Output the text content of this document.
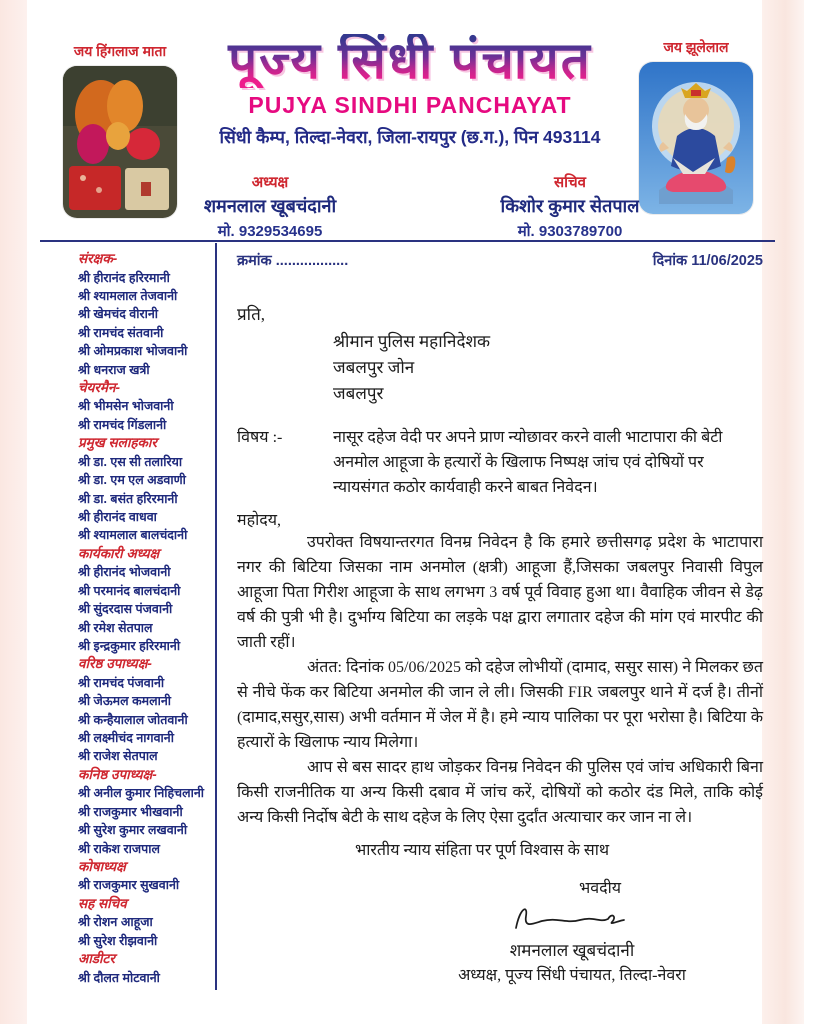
जय हिंगलाज माता	पूज्य सिंधी पंचायत
PUJYA SINDHI PANCHAYAT
सिंधी कैम्प, तिल्दा-नेवरा, जिला-रायपुर (छ.ग.), पिन 493114
अध्यक्ष
शमनलाल खूबचंदानी
मो. 9329534695
सचिव
किशोर कुमार सेतपाल
मो. 9303789700
जय झूलेलाल
संरक्षक-
श्री हीरानंद हरिरमानी
श्री श्यामलाल तेजवानी
श्री खेमचंद वीरानी
श्री रामचंद संतवानी
श्री ओमप्रकाश भोजवानी
श्री धनराज खत्री
चेयरमैन-
श्री भीमसेन भोजवानी
श्री रामचंद गिंडलानी
प्रमुख सलाहकार
श्री डा. एस सी तलारिया
श्री डा. एम एल अडवाणी
श्री डा. बसंत हरिरमानी
श्री हीरानंद वाधवा
श्री श्यामलाल बालचंदानी
कार्यकारी अध्यक्ष
श्री हीरानंद भोजवानी
श्री परमानंद बालचंदानी
श्री सुंदरदास पंजवानी
श्री रमेश सेतपाल
श्री इन्द्रकुमार हरिरमानी
वरिष्ठ उपाध्यक्ष-
श्री रामचंद पंजवानी
श्री जेऊमल कमलानी
श्री कन्हैयालाल जोतवानी
श्री लक्ष्मीचंद नागवानी
श्री राजेश सेतपाल
कनिष्ठ उपाध्यक्ष-
श्री अनील कुमार निहिचलानी
श्री राजकुमार भीखवानी
श्री सुरेश कुमार लखवानी
श्री राकेश राजपाल
कोषाध्यक्ष
श्री राजकुमार सुखवानी
सह सचिव
श्री रोशन आहूजा
श्री सुरेश रीझवानी
आडीटर
श्री दौलत मोटवानी
क्रमांक ..................	दिनांक 11/06/2025
प्रति,
श्रीमान पुलिस महानिदेशक
जबलपुर जोन
जबलपुर
विषय :-	नासूर दहेज वेदी पर अपने प्राण न्योछावर करने वाली भाटापारा की बेटी अनमोल आहूजा के हत्यारों के खिलाफ निष्पक्ष जांच एवं दोषियों पर न्यायसंगत कठोर कार्यवाही करने बाबत निवेदन।
महोदय,
उपरोक्त विषयान्तरगत विनम्र निवेदन है कि हमारे छत्तीसगढ़ प्रदेश के भाटापारा नगर की बिटिया जिसका नाम अनमोल (क्षत्री) आहूजा हैं,जिसका जबलपुर निवासी विपुल आहूजा पिता गिरीश आहूजा के साथ लगभग 3 वर्ष पूर्व विवाह हुआ था। वैवाहिक जीवन से डेढ़ वर्ष की पुत्री भी है। दुर्भाग्य बिटिया का लड़के पक्ष द्वारा लगातार दहेज की मांग एवं मारपीट की जाती रहीं।
अंतत: दिनांक 05/06/2025 को दहेज लोभीयों (दामाद, ससुर सास) ने मिलकर छत से नीचे फेंक कर बिटिया अनमोल की जान ले ली। जिसकी FIR जबलपुर थाने में दर्ज है। तीनों (दामाद,ससुर,सास) अभी वर्तमान में जेल में है। हमे न्याय पालिका पर पूरा भरोसा है। बिटिया के हत्यारों के खिलाफ न्याय मिलेगा।
आप से बस सादर हाथ जोड़कर विनम्र निवेदन की पुलिस एवं जांच अधिकारी बिना किसी राजनीतिक या अन्य किसी दबाव में जांच करें, दोषियों को कठोर दंड मिले, ताकि कोई अन्य किसी निर्दोष बेटी के साथ दहेज के लिए ऐसा दुर्दांत अत्याचार कर जान ना ले।
भारतीय न्याय संहिता पर पूर्ण विश्वास के साथ
भवदीय
शमनलाल खूबचंदानी
अध्यक्ष, पूज्य सिंधी पंचायत, तिल्दा-नेवरा
